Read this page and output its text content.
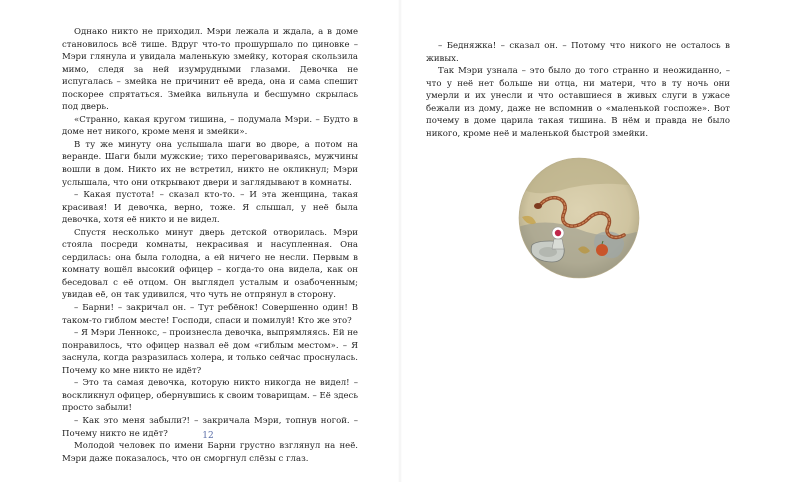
Однако никто не приходил. Мэри лежала и ждала, а в доме становилось всё тише. Вдруг что-то прошуршало по циновке – Мэри глянула и увидала маленькую змейку, которая скользила мимо, следя за ней изумрудными глазами. Девочка не испугалась – змейка не причинит её вреда, она и сама спешит поскорее спрятаться. Змейка вильнула и бесшумно скрылась под дверь.

«Странно, какая кругом тишина, – подумала Мэри. – Будто в доме нет никого, кроме меня и змейки».

В ту же минуту она услышала шаги во дворе, а потом на веранде. Шаги были мужские; тихо переговариваясь, мужчины вошли в дом. Никто их не встретил, никто не окликнул; Мэри услышала, что они открывают двери и заглядывают в комнаты.

– Какая пустота! – сказал кто-то. – И эта женщина, такая красивая! И девочка, верно, тоже. Я слышал, у неё была девочка, хотя её никто и не видел.

Спустя несколько минут дверь детской отворилась. Мэри стояла посреди комнаты, некрасивая и насупленная. Она сердилась: она была голодна, а ей ничего не несли. Первым в комнату вошёл высокий офицер – когда-то она видела, как он беседовал с её отцом. Он выглядел усталым и озабоченным; увидав её, он так удивился, что чуть не отпрянул в сторону.

– Барни! – закричал он. – Тут ребёнок! Совершенно один! В таком-то гиблом месте! Господи, спаси и помилуй! Кто же это?

– Я Мэри Леннокс, – произнесла девочка, выпрямляясь. Ей не понравилось, что офицер назвал её дом «гиблым местом». – Я заснула, когда разразилась холера, и только сейчас проснулась. Почему ко мне никто не идёт?

– Это та самая девочка, которую никто никогда не видел! – воскликнул офицер, обернувшись к своим товарищам. – Её здесь просто забыли!

– Как это меня забыли?! – закричала Мэри, топнув ногой. – Почему никто не идёт?

Молодой человек по имени Барни грустно взглянул на неё. Мэри даже показалось, что он сморгнул слёзы с глаз.

12

– Бедняжка! – сказал он. – Потому что никого не осталось в живых.

Так Мэри узнала – это было до того странно и неожиданно, – что у неё нет больше ни отца, ни матери, что в ту ночь они умерли и их унесли и что оставшиеся в живых слуги в ужасе бежали из дому, даже не вспомнив о «маленькой госпоже». Вот почему в доме царила такая тишина. В нём и правда не было никого, кроме неё и маленькой быстрой змейки.
